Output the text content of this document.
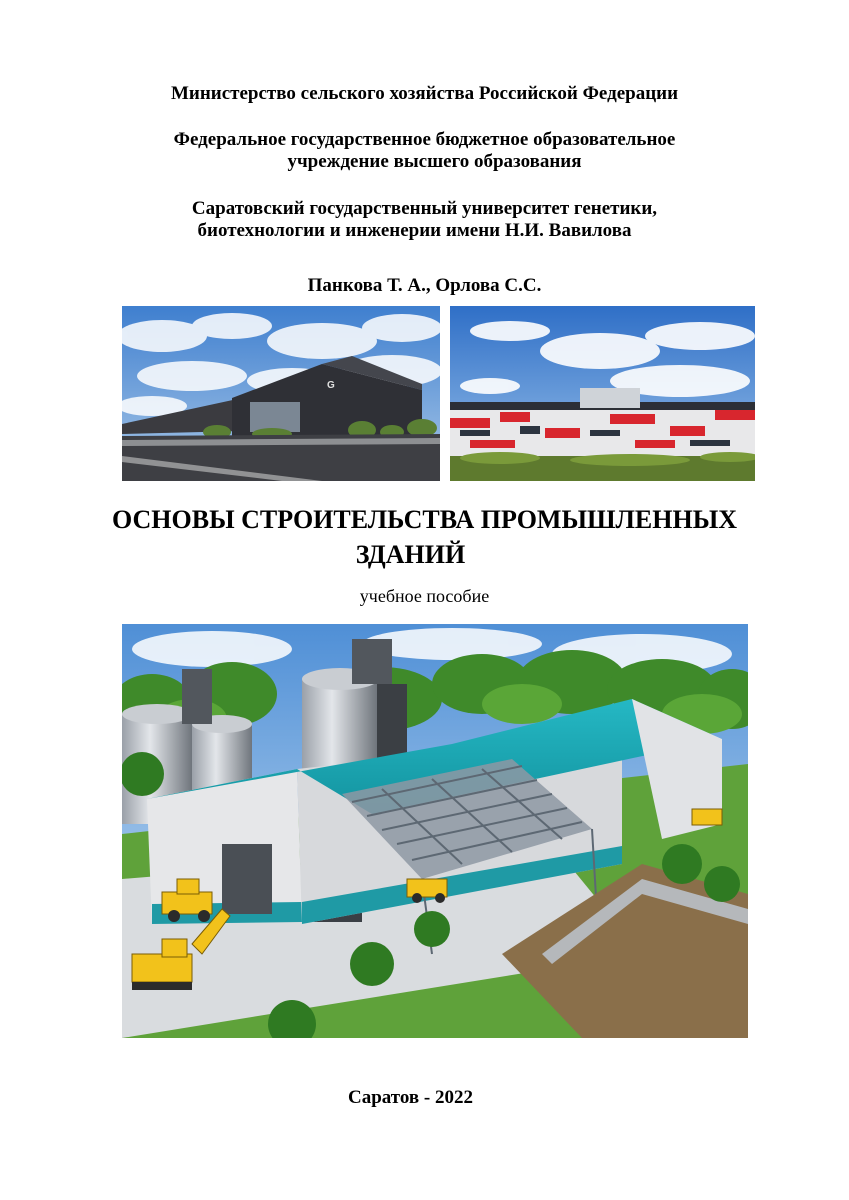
Министерство сельского хозяйства Российской Федерации
Федеральное государственное бюджетное образовательное
учреждение высшего образования
Саратовский государственный университет генетики,
биотехнологии и инженерии имени Н.И. Вавилова
Панкова Т. А., Орлова С.С.
G
ОСНОВЫ СТРОИТЕЛЬСТВА ПРОМЫШЛЕННЫХ
ЗДАНИЙ
учебное пособие
Саратов - 2022
